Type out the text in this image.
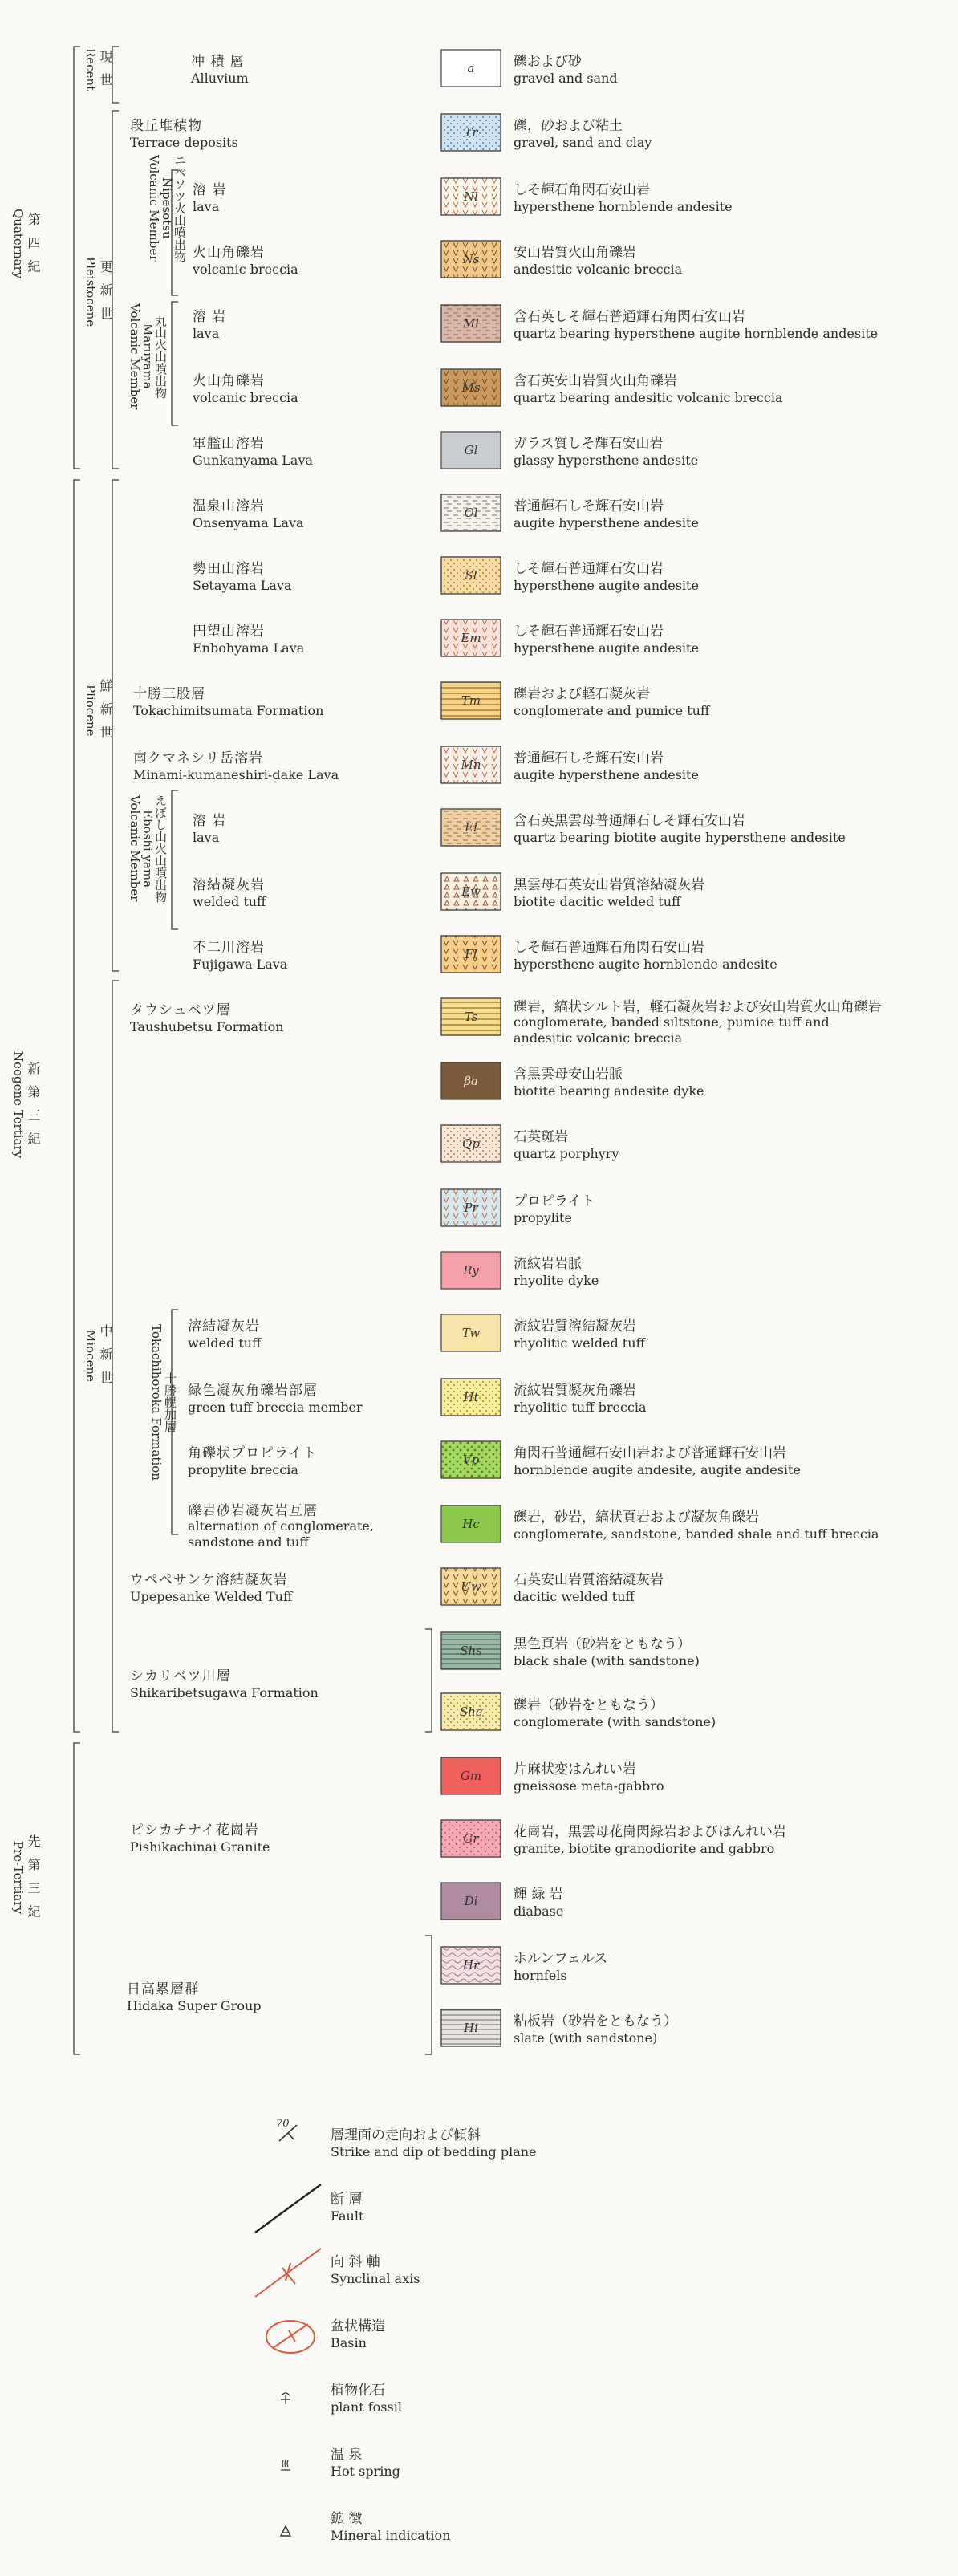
70
第 四 紀
Quaternary
新 第 三 紀
Neogene Tertiary
先 第 三 紀
Pre-Tertiary
現 世
Recent
更 新 世
Pleistocene
鮮 新 世
Pliocene
中 新 世
Miocene
ニペソツ火山噴出物
Nipesotsu
Volcanic Member
丸山火山噴出物
Maruyama
Volcanic Member
えぼし山火山噴出物
Eboshi yama
Volcanic Member
十勝幌加層
Tokachihoroka Formation
冲 積 層
Alluvium
段丘堆積物
Terrace deposits
溶 岩
lava
火山角礫岩
volcanic breccia
溶 岩
lava
火山角礫岩
volcanic breccia
軍艦山溶岩
Gunkanyama Lava
温泉山溶岩
Onsenyama Lava
勢田山溶岩
Setayama Lava
円望山溶岩
Enbohyama Lava
十勝三股層
Tokachimitsumata Formation
南クマネシリ岳溶岩
Minami-kumaneshiri-dake Lava
溶 岩
lava
溶結凝灰岩
welded tuff
不二川溶岩
Fujigawa Lava
タウシュベツ層
Taushubetsu Formation
溶結凝灰岩
welded tuff
緑色凝灰角礫岩部層
green tuff breccia member
角礫状プロピライト
propylite breccia
礫岩砂岩凝灰岩互層
alternation of conglomerate,
sandstone and tuff
ウペペサンケ溶結凝灰岩
Upepesanke Welded Tuff
シカリベツ川層
Shikaribetsugawa Formation
ピシカチナイ花崗岩
Pishikachinai Granite
日高累層群
Hidaka Super Group
a
Tr
Nl
Ns
Ml
Ms
Gl
Ol
Sl
Em
Tm
Mn
El
Ew
Fl
Ts
βa
Qp
Pr
Ry
Tw
Ht
Vp
Hc
Uw
Shs
Shc
Gm
Gr
Di
Hr
Hi
礫および砂
gravel and sand
礫，砂および粘土
gravel, sand and clay
しそ輝石角閃石安山岩
hypersthene hornblende andesite
安山岩質火山角礫岩
andesitic volcanic breccia
含石英しそ輝石普通輝石角閃石安山岩
quartz bearing hypersthene augite hornblende andesite
含石英安山岩質火山角礫岩
quartz bearing andesitic volcanic breccia
ガラス質しそ輝石安山岩
glassy hypersthene andesite
普通輝石しそ輝石安山岩
augite hypersthene andesite
しそ輝石普通輝石安山岩
hypersthene augite andesite
しそ輝石普通輝石安山岩
hypersthene augite andesite
礫岩および軽石凝灰岩
conglomerate and pumice tuff
普通輝石しそ輝石安山岩
augite hypersthene andesite
含石英黒雲母普通輝石しそ輝石安山岩
quartz bearing biotite augite hypersthene andesite
黒雲母石英安山岩質溶結凝灰岩
biotite dacitic welded tuff
しそ輝石普通輝石角閃石安山岩
hypersthene augite hornblende andesite
礫岩，縞状シルト岩，軽石凝灰岩および安山岩質火山角礫岩
conglomerate, banded siltstone, pumice tuff and
andesitic volcanic breccia
含黒雲母安山岩脈
biotite bearing andesite dyke
石英斑岩
quartz porphyry
プロピライト
propylite
流紋岩岩脈
rhyolite dyke
流紋岩質溶結凝灰岩
rhyolitic welded tuff
流紋岩質凝灰角礫岩
rhyolitic tuff breccia
角閃石普通輝石安山岩および普通輝石安山岩
hornblende augite andesite, augite andesite
礫岩，砂岩，縞状頁岩および凝灰角礫岩
conglomerate, sandstone, banded shale and tuff breccia
石英安山岩質溶結凝灰岩
dacitic welded tuff
黒色頁岩（砂岩をともなう）
black shale (with sandstone)
礫岩（砂岩をともなう）
conglomerate (with sandstone)
片麻状変はんれい岩
gneissose meta-gabbro
花崗岩，黒雲母花崗閃緑岩およびはんれい岩
granite, biotite granodiorite and gabbro
輝 緑 岩
diabase
ホルンフェルス
hornfels
粘板岩（砂岩をともなう）
slate (with sandstone)
層理面の走向および傾斜
Strike and dip of bedding plane
断 層
Fault
向 斜 軸
Synclinal axis
盆状構造
Basin
植物化石
plant fossil
温 泉
Hot spring
鉱 徴
Mineral indication
